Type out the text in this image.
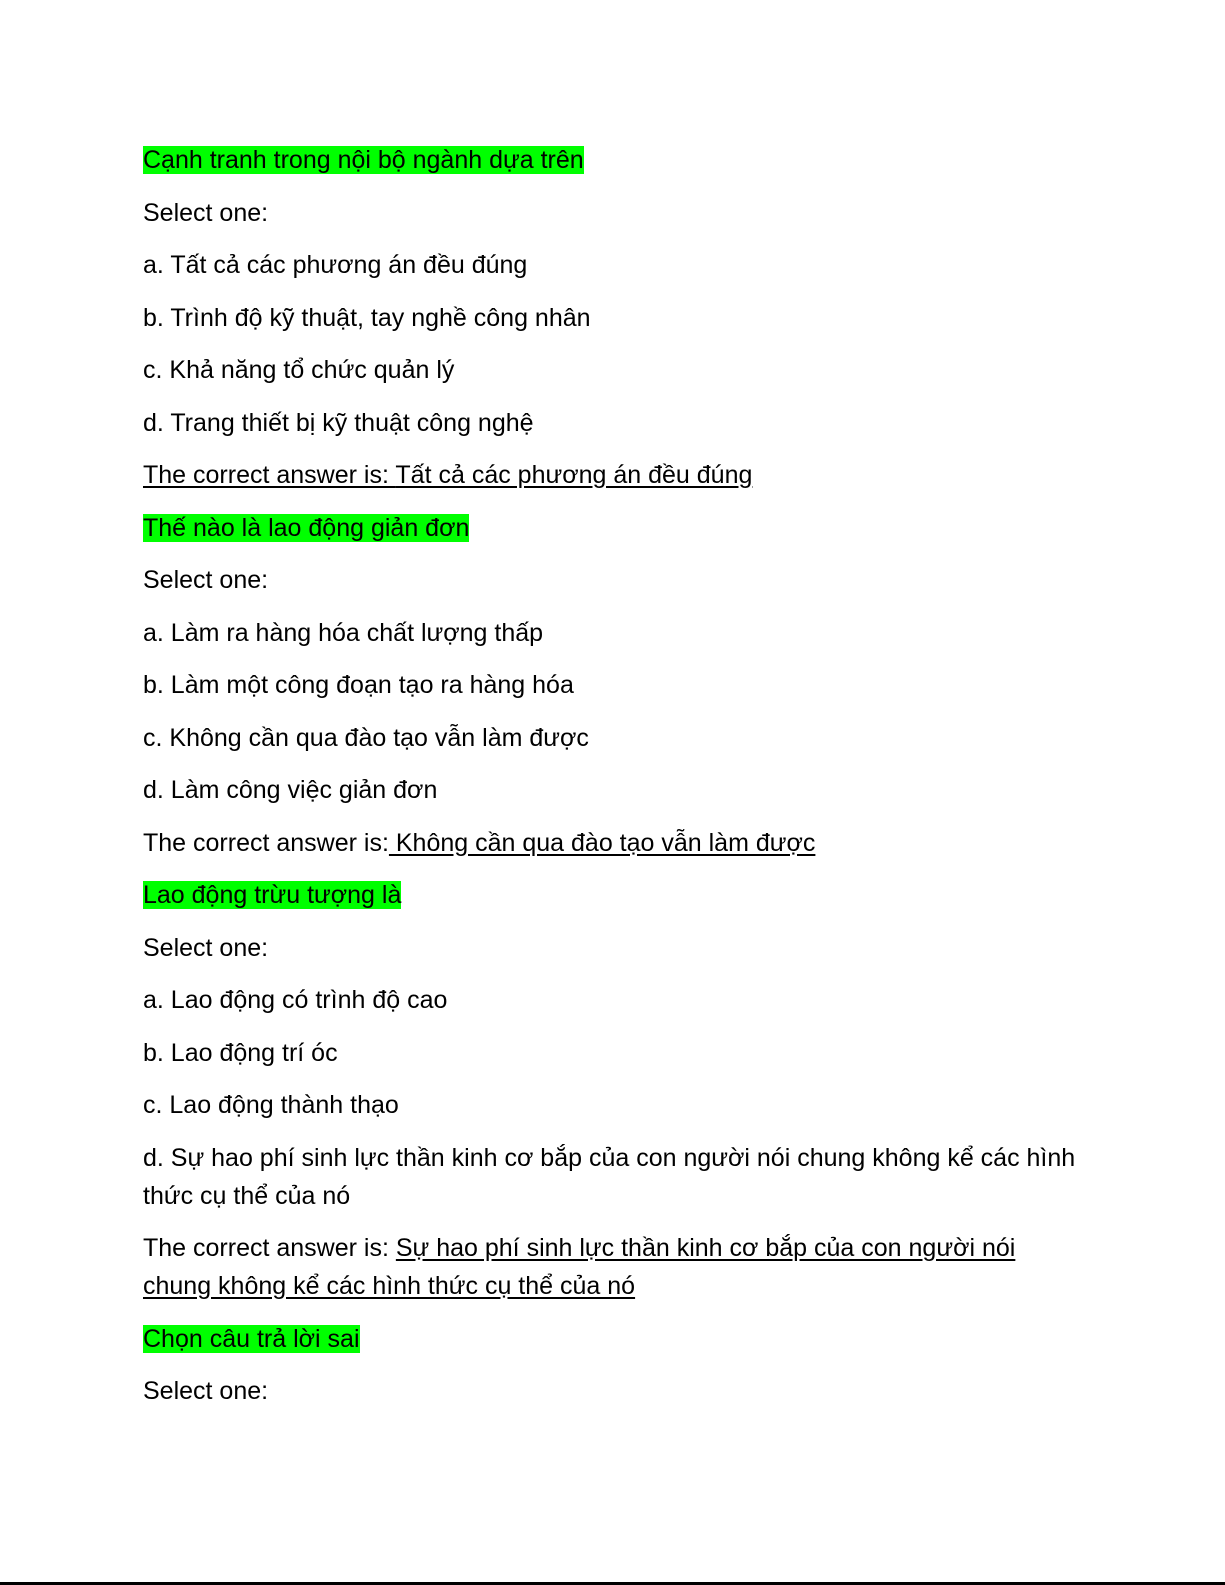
Cạnh tranh trong nội bộ ngành dựa trên
Select one:
a. Tất cả các phương án đều đúng
b. Trình độ kỹ thuật, tay nghề công nhân
c. Khả năng tổ chức quản lý
d. Trang thiết bị kỹ thuật công nghệ
The correct answer is: Tất cả các phương án đều đúng
Thế nào là lao động giản đơn
Select one:
a. Làm ra hàng hóa chất lượng thấp
b. Làm một công đoạn tạo ra hàng hóa
c. Không cần qua đào tạo vẫn làm được
d. Làm công việc giản đơn
The correct answer is: Không cần qua đào tạo vẫn làm được
Lao động trừu tượng là
Select one:
a. Lao động có trình độ cao
b. Lao động trí óc
c. Lao động thành thạo
d. Sự hao phí sinh lực thần kinh cơ bắp của con người nói chung không kể các hình thức cụ thể của nó
The correct answer is: Sự hao phí sinh lực thần kinh cơ bắp của con người nói chung không kể các hình thức cụ thể của nó
Chọn câu trả lời sai
Select one:
